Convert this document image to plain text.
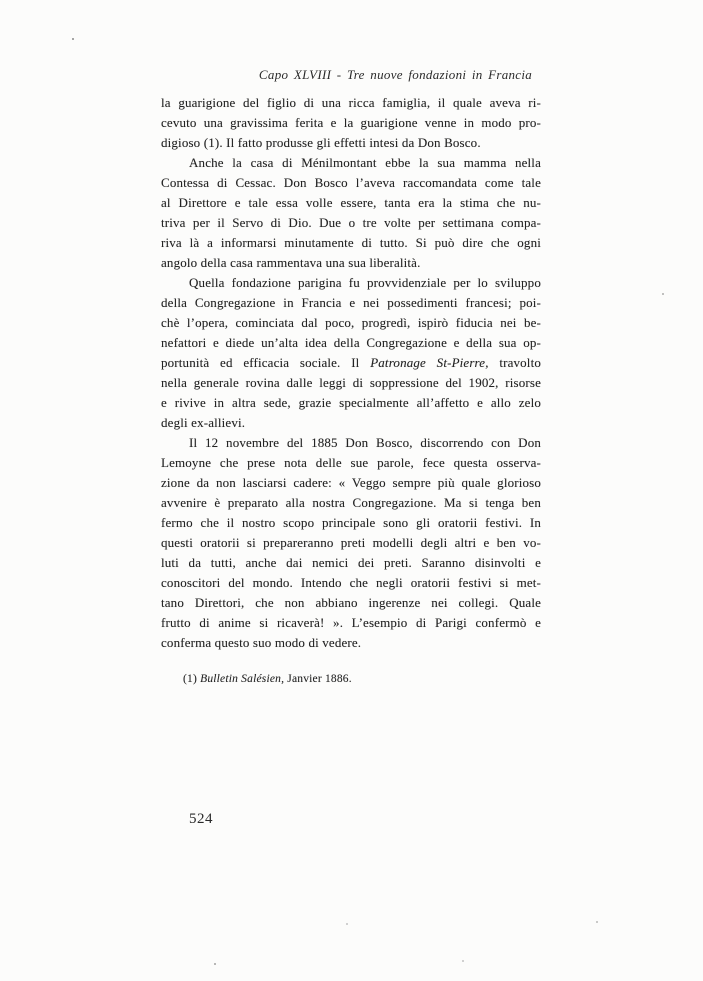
Capo XLVIII - Tre nuove fondazioni in Francia
la guarigione del figlio di una ricca famiglia, il quale aveva ri-
cevuto una gravissima ferita e la guarigione venne in modo pro-
digioso (1). Il fatto produsse gli effetti intesi da Don Bosco.
Anche la casa di Ménilmontant ebbe la sua mamma nella
Contessa di Cessac. Don Bosco l’aveva raccomandata come tale
al Direttore e tale essa volle essere, tanta era la stima che nu-
triva per il Servo di Dio. Due o tre volte per settimana compa-
riva là a informarsi minutamente di tutto. Si può dire che ogni
angolo della casa rammentava una sua liberalità.
Quella fondazione parigina fu provvidenziale per lo sviluppo
della Congregazione in Francia e nei possedimenti francesi; poi-
chè l’opera, cominciata dal poco, progredì, ispirò fiducia nei be-
nefattori e diede un’alta idea della Congregazione e della sua op-
portunità ed efficacia sociale. Il Patronage St-Pierre, travolto
nella generale rovina dalle leggi di soppressione del 1902, risorse
e rivive in altra sede, grazie specialmente all’affetto e allo zelo
degli ex-allievi.
Il 12 novembre del 1885 Don Bosco, discorrendo con Don
Lemoyne che prese nota delle sue parole, fece questa osserva-
zione da non lasciarsi cadere: « Veggo sempre più quale glorioso
avvenire è preparato alla nostra Congregazione. Ma si tenga ben
fermo che il nostro scopo principale sono gli oratorii festivi. In
questi oratorii si prepareranno preti modelli degli altri e ben vo-
luti da tutti, anche dai nemici dei preti. Saranno disinvolti e
conoscitori del mondo. Intendo che negli oratorii festivi si met-
tano Direttori, che non abbiano ingerenze nei collegi. Quale
frutto di anime si ricaverà! ». L’esempio di Parigi confermò e
conferma questo suo modo di vedere.
(1) Bulletin Salésien, Janvier 1886.
524
